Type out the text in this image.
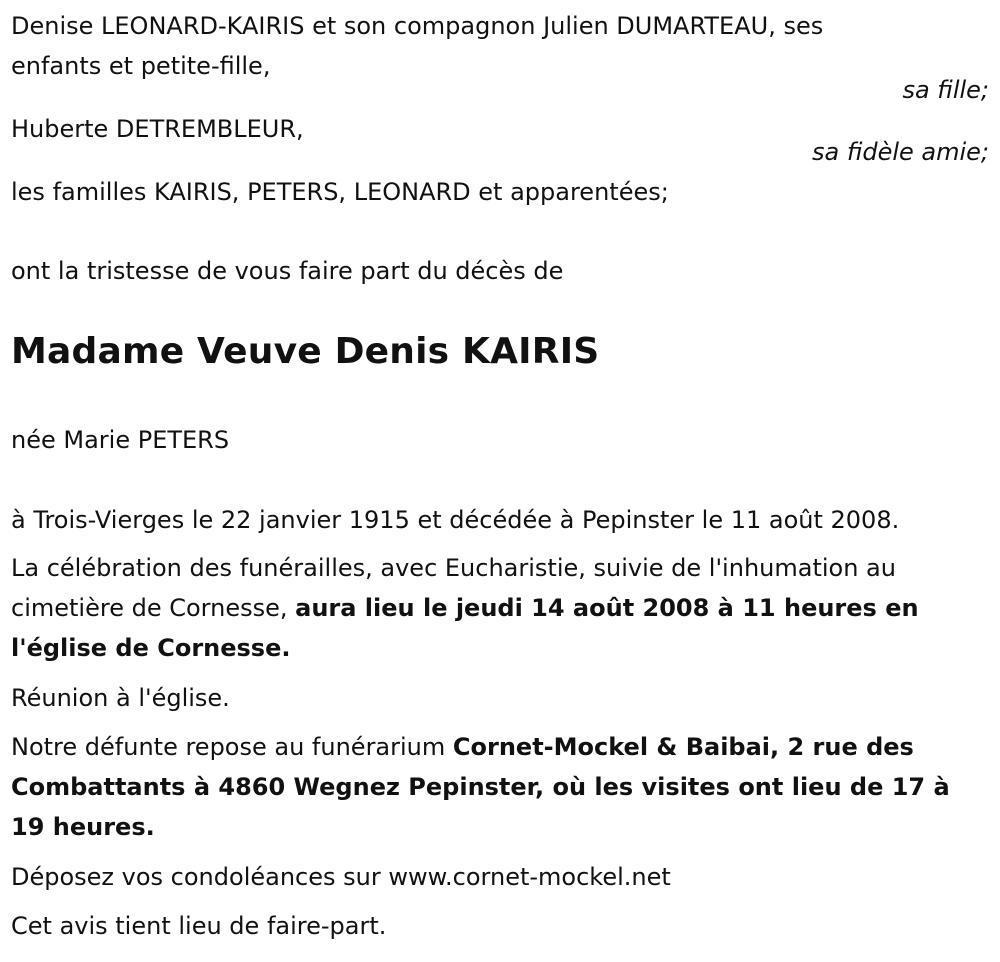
Denise LEONARD-KAIRIS et son compagnon Julien DUMARTEAU, ses
enfants et petite-fille,
sa fille;
Huberte DETREMBLEUR,
sa fidèle amie;
les familles KAIRIS, PETERS, LEONARD et apparentées;
ont la tristesse de vous faire part du décès de
Madame Veuve Denis KAIRIS
née Marie PETERS
à Trois-Vierges le 22 janvier 1915 et décédée à Pepinster le 11 août 2008.
La célébration des funérailles, avec Eucharistie, suivie de l'inhumation au
cimetière de Cornesse, aura lieu le jeudi 14 août 2008 à 11 heures en
l'église de Cornesse.
Réunion à l'église.
Notre défunte repose au funérarium Cornet-Mockel & Baibai, 2 rue des
Combattants à 4860 Wegnez Pepinster, où les visites ont lieu de 17 à
19 heures.
Déposez vos condoléances sur www.cornet-mockel.net
Cet avis tient lieu de faire-part.
